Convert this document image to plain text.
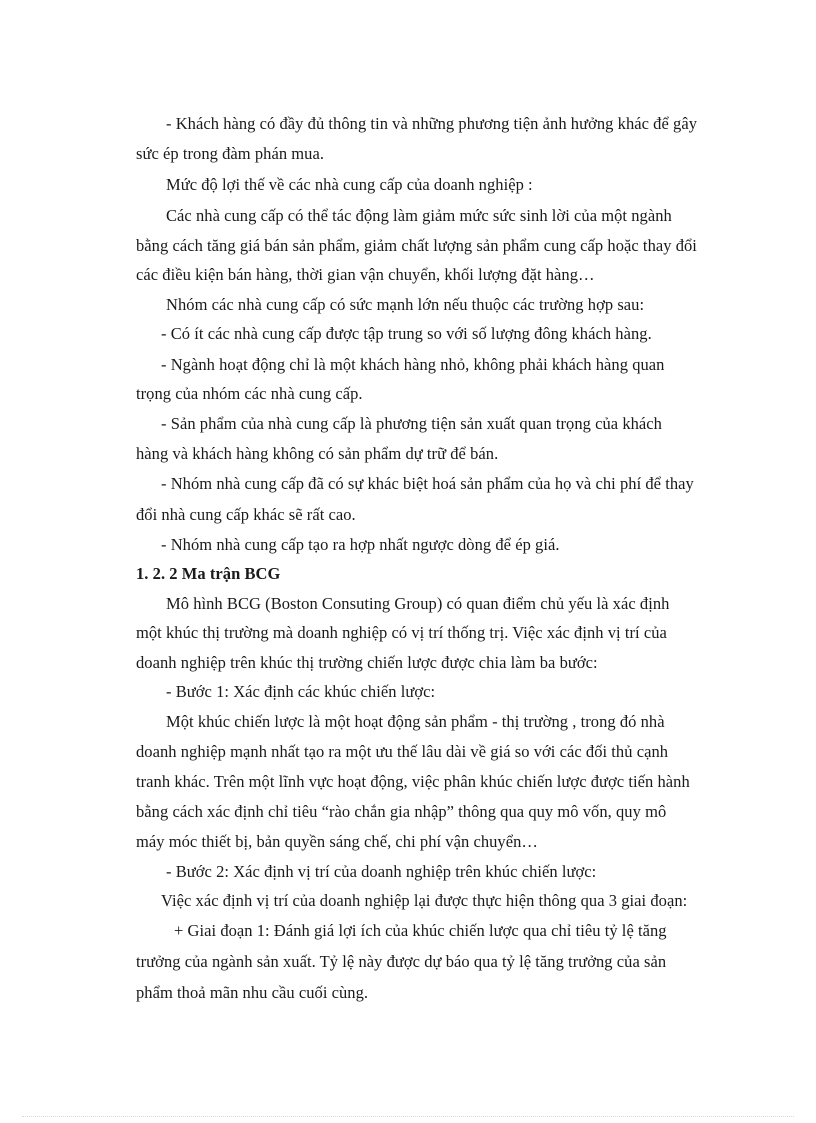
- Khách hàng có đầy đủ thông tin và những phương tiện ảnh hưởng khác để gây
sức ép trong đàm phán mua.
Mức độ lợi thế về các nhà cung cấp của doanh nghiệp :
Các nhà cung cấp có thể tác động làm giảm mức sức sinh lời của một ngành
bằng cách tăng giá bán sản phẩm, giảm chất lượng sản phẩm cung cấp hoặc thay đổi
các điều kiện bán hàng, thời gian vận chuyển, khối lượng đặt hàng…
Nhóm các nhà cung cấp có sức mạnh lớn nếu thuộc các trường hợp sau:
- Có ít các nhà cung cấp được tập trung so với số lượng đông khách hàng.
- Ngành hoạt động chỉ là một khách hàng nhỏ, không phải khách hàng quan
trọng của nhóm các nhà cung cấp.
- Sản phẩm của nhà cung cấp là phương tiện sản xuất quan trọng của khách
hàng và khách hàng không có sản phẩm dự trữ để bán.
- Nhóm nhà cung cấp đã có sự khác biệt hoá sản phẩm của họ và chi phí để thay
đổi nhà cung cấp khác sẽ rất cao.
- Nhóm nhà cung cấp tạo ra hợp nhất ngược dòng để ép giá.
1. 2. 2 Ma trận BCG
Mô hình BCG (Boston Consuting Group) có quan điểm chủ yếu là xác định
một khúc thị trường mà doanh nghiệp có vị trí thống trị. Việc xác định vị trí của
doanh nghiệp trên khúc thị trường chiến lược được chia làm ba bước:
- Bước 1: Xác định các khúc chiến lược:
Một khúc chiến lược là một hoạt động sản phẩm - thị trường , trong đó nhà
doanh nghiệp mạnh nhất tạo ra một ưu thế lâu dài về giá so với các đối thủ cạnh
tranh khác. Trên một lĩnh vực hoạt động, việc phân khúc chiến lược được tiến hành
bằng cách xác định chỉ tiêu “rào chắn gia nhập” thông qua quy mô vốn, quy mô
máy móc thiết bị, bản quyền sáng chế, chi phí vận chuyển…
- Bước 2: Xác định vị trí của doanh nghiệp trên khúc chiến lược:
Việc xác định vị trí của doanh nghiệp lại được thực hiện thông qua 3 giai đoạn:
+ Giai đoạn 1: Đánh giá lợi ích của khúc chiến lược qua chỉ tiêu tỷ lệ tăng
trưởng của ngành sản xuất. Tỷ lệ này được dự báo qua tỷ lệ tăng trưởng của sản
phẩm thoả mãn nhu cầu cuối cùng.
